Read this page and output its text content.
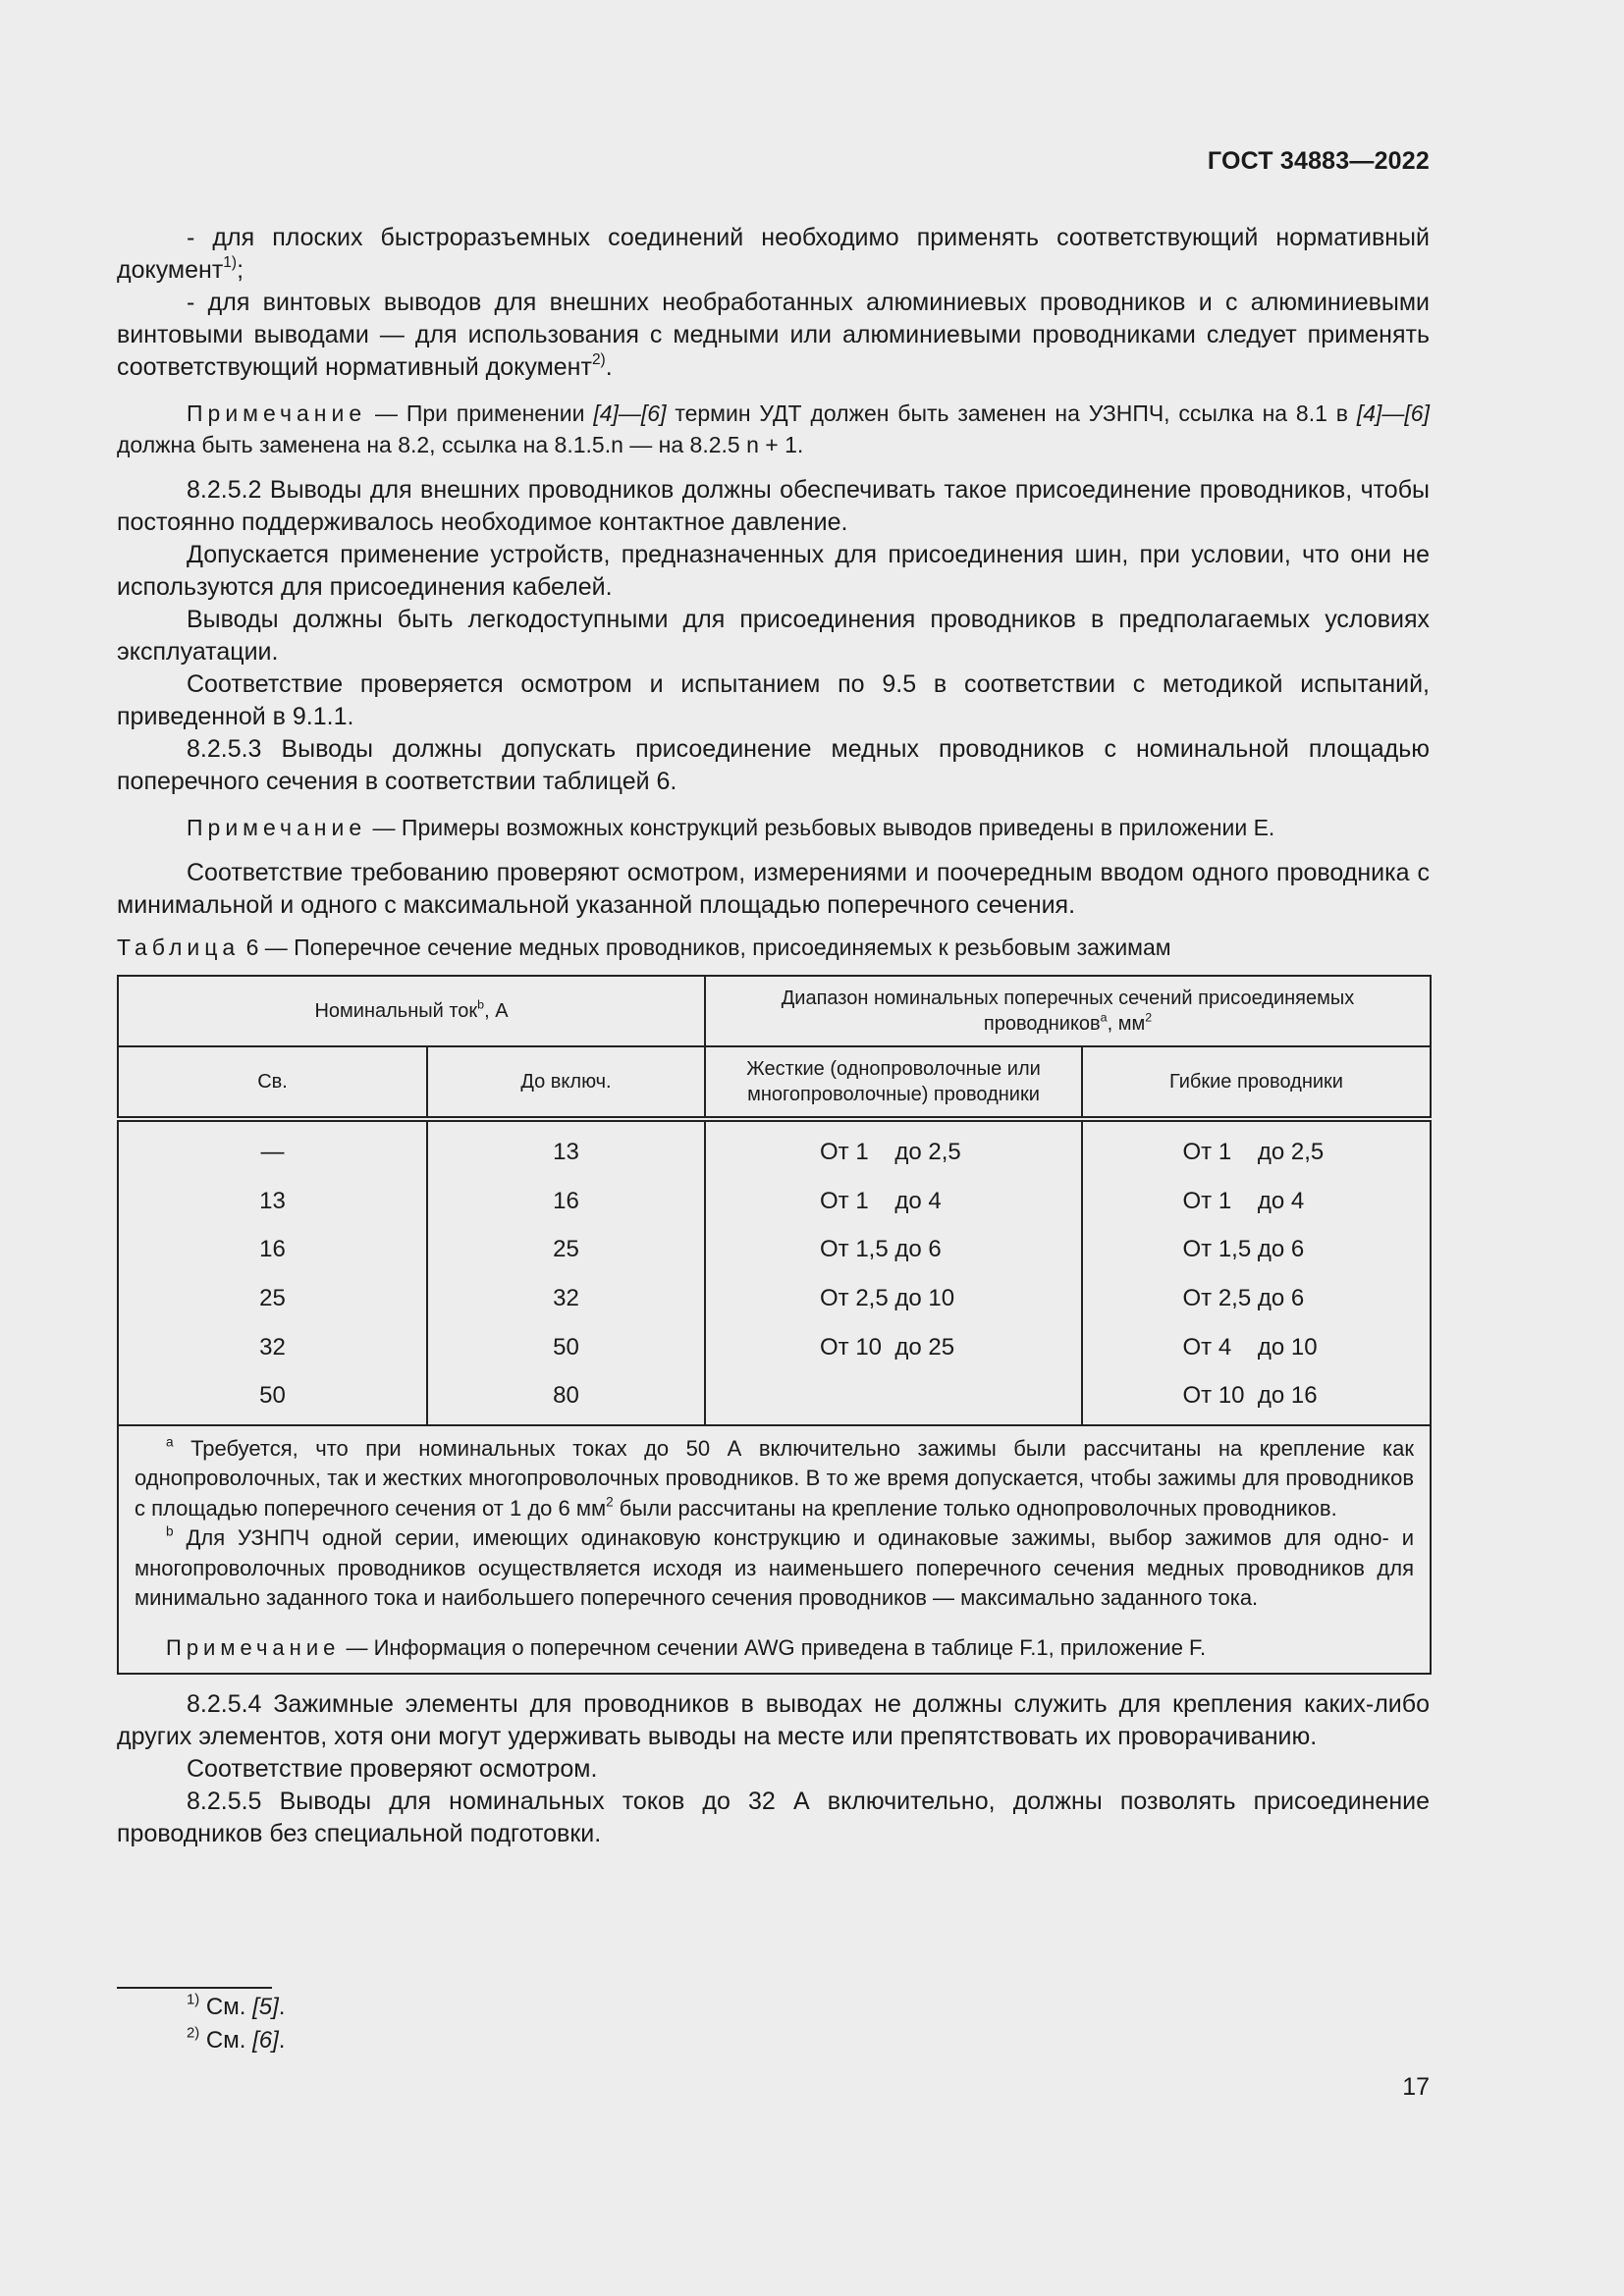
ГОСТ 34883—2022

- для плоских быстроразъемных соединений необходимо применять соответствующий нормативный документ$^{1)}$;

- для винтовых выводов для внешних необработанных алюминиевых проводников и с алюминиевыми винтовыми выводами — для использования с медными или алюминиевыми проводниками следует применять соответствующий нормативный документ$^{2)}$.

Примечание — При применении [4]—[6] термин УДТ должен быть заменен на УЗНПЧ, ссылка на 8.1 в [4]—[6] должна быть заменена на 8.2, ссылка на 8.1.5.n — на 8.2.5 n + 1.

8.2.5.2 Выводы для внешних проводников должны обеспечивать такое присоединение проводников, чтобы постоянно поддерживалось необходимое контактное давление.

Допускается применение устройств, предназначенных для присоединения шин, при условии, что они не используются для присоединения кабелей.

Выводы должны быть легкодоступными для присоединения проводников в предполагаемых условиях эксплуатации.

Соответствие проверяется осмотром и испытанием по 9.5 в соответствии с методикой испытаний, приведенной в 9.1.1.

8.2.5.3 Выводы должны допускать присоединение медных проводников с номинальной площадью поперечного сечения в соответствии таблицей 6.

Примечание — Примеры возможных конструкций резьбовых выводов приведены в приложении Е.

Соответствие требованию проверяют осмотром, измерениями и поочередным вводом одного проводника с минимальной и одного с максимальной указанной площадью поперечного сечения.

Таблица 6 — Поперечное сечение медных проводников, присоединяемых к резьбовым зажимам
Номинальный ток$^b$, А		Диапазон номинальных поперечных сечений присоединяемых проводников$^а$, $мм^2$
Св.	До включ.	Жесткие (однопроволочные или многопроволочные) проводники	Гибкие проводники
—	13	От 1    до 2,5	От 1    до 2,5
13	16	От 1    до 4	От 1    до 4
16	25	От 1,5 до 6	От 1,5 до 6
25	32	От 2,5 до 10	От 2,5 до 6
32	50	От 10  до 25	От 4    до 10
50	80		От 10  до 16

$^а$ Требуется, что при номинальных токах до 50 А включительно зажимы были рассчитаны на крепление как однопроволочных, так и жестких многопроволочных проводников. В то же время допускается, чтобы зажимы для проводников с площадью поперечного сечения от 1 до 6 $мм^2$ были рассчитаны на крепление только однопроволочных проводников.

$^b$ Для УЗНПЧ одной серии, имеющих одинаковую конструкцию и одинаковые зажимы, выбор зажимов для одно- и многопроволочных проводников осуществляется исходя из наименьшего поперечного сечения медных проводников для минимально заданного тока и наибольшего поперечного сечения проводников — максимально заданного тока.

Примечание — Информация о поперечном сечении AWG приведена в таблице F.1, приложение F.			

8.2.5.4 Зажимные элементы для проводников в выводах не должны служить для крепления каких-либо других элементов, хотя они могут удерживать выводы на месте или препятствовать их проворачиванию.

Соответствие проверяют осмотром.

8.2.5.5 Выводы для номинальных токов до 32 А включительно, должны позволять присоединение проводников без специальной подготовки.

$^{1)}$ См. [5].

$^{2)}$ См. [6].

17
